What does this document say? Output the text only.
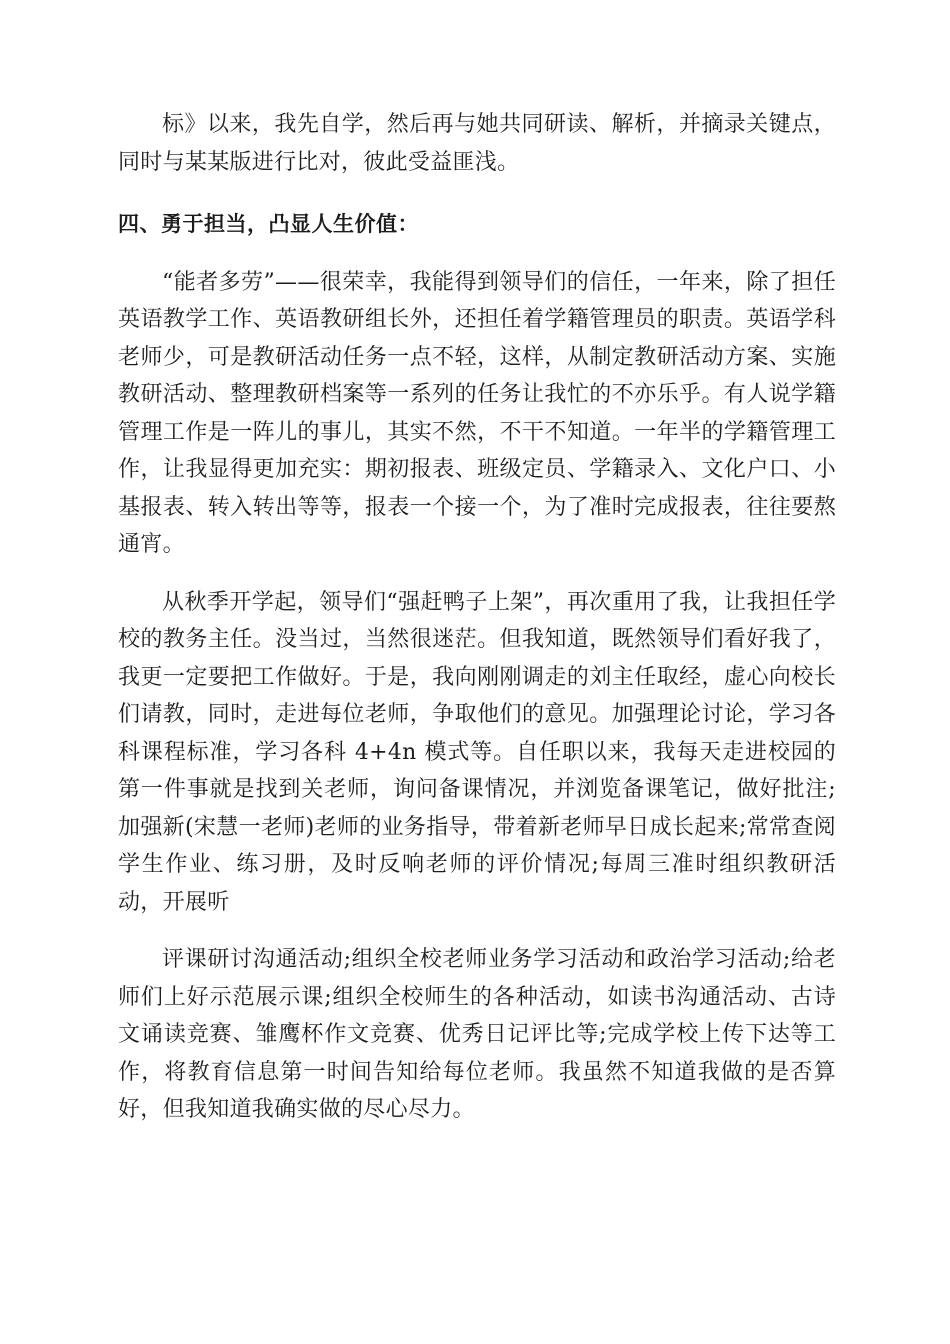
标》以来，我先自学，然后再与她共同研读、解析，并摘录关键点，同时与某某版进行比对，彼此受益匪浅。

四、勇于担当，凸显人生价值：

“能者多劳”——很荣幸，我能得到领导们的信任，一年来，除了担任英语教学工作、英语教研组长外，还担任着学籍管理员的职责。英语学科老师少，可是教研活动任务一点不轻，这样，从制定教研活动方案、实施教研活动、整理教研档案等一系列的任务让我忙的不亦乐乎。有人说学籍管理工作是一阵儿的事儿，其实不然，不干不知道。一年半的学籍管理工作，让我显得更加充实：期初报表、班级定员、学籍录入、文化户口、小基报表、转入转出等等，报表一个接一个，为了准时完成报表，往往要熬通宵。

从秋季开学起，领导们“强赶鸭子上架”，再次重用了我，让我担任学校的教务主任。没当过，当然很迷茫。但我知道，既然领导们看好我了，我更一定要把工作做好。于是，我向刚刚调走的刘主任取经，虚心向校长们请教，同时，走进每位老师，争取他们的意见。加强理论讨论，学习各科课程标准，学习各科 4+4n 模式等。自任职以来，我每天走进校园的第一件事就是找到关老师，询问备课情况，并浏览备课笔记，做好批注;加强新(宋慧一老师)老师的业务指导，带着新老师早日成长起来;常常查阅学生作业、练习册，及时反响老师的评价情况;每周三准时组织教研活动，开展听

评课研讨沟通活动;组织全校老师业务学习活动和政治学习活动;给老师们上好示范展示课;组织全校师生的各种活动，如读书沟通活动、古诗文诵读竞赛、雏鹰杯作文竞赛、优秀日记评比等;完成学校上传下达等工作，将教育信息第一时间告知给每位老师。我虽然不知道我做的是否算好，但我知道我确实做的尽心尽力。
